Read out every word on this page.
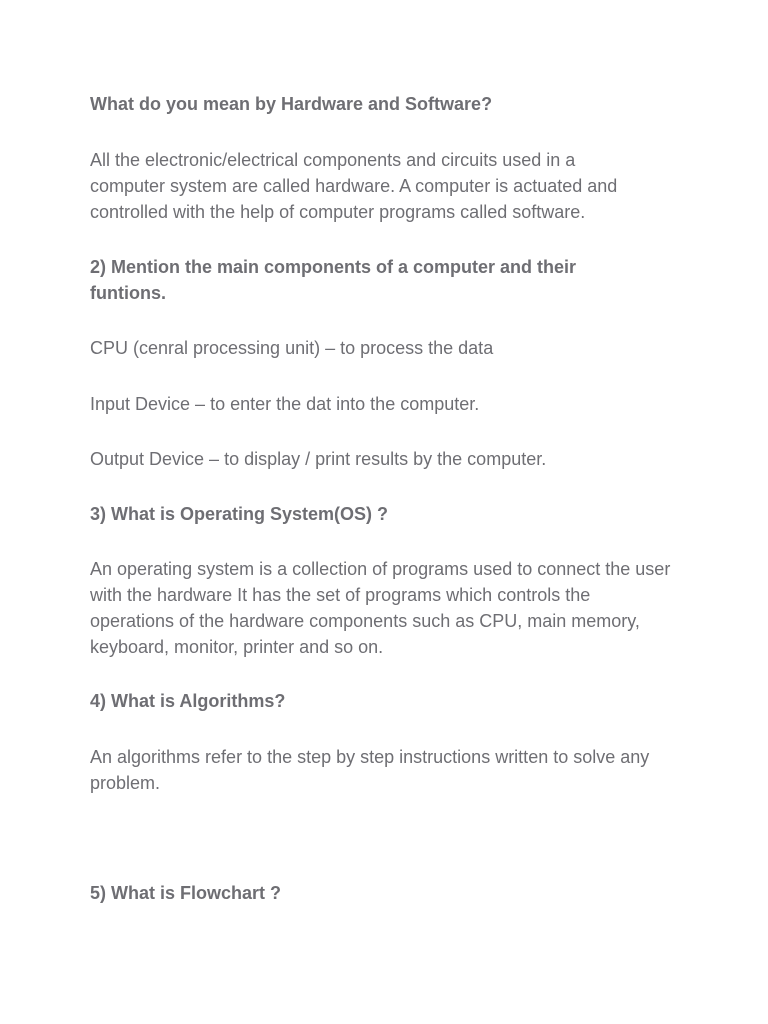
What do you mean by Hardware and Software?

All the electronic/electrical components and circuits used in a computer system are called hardware. A computer is actuated and controlled with the help of computer programs called software.

2) Mention the main components of a computer and their funtions.

CPU (cenral processing unit) – to process the data

Input Device – to enter the dat into the computer.

Output Device – to display / print results by the computer.

3) What is Operating System(OS) ?

An operating system is a collection of programs used to connect the user with the hardware It has the set of programs which controls the operations of the hardware components such as CPU, main memory, keyboard, monitor, printer and so on.

4) What is Algorithms?

An algorithms refer to the step by step instructions written to solve any problem.

5) What is Flowchart ?
